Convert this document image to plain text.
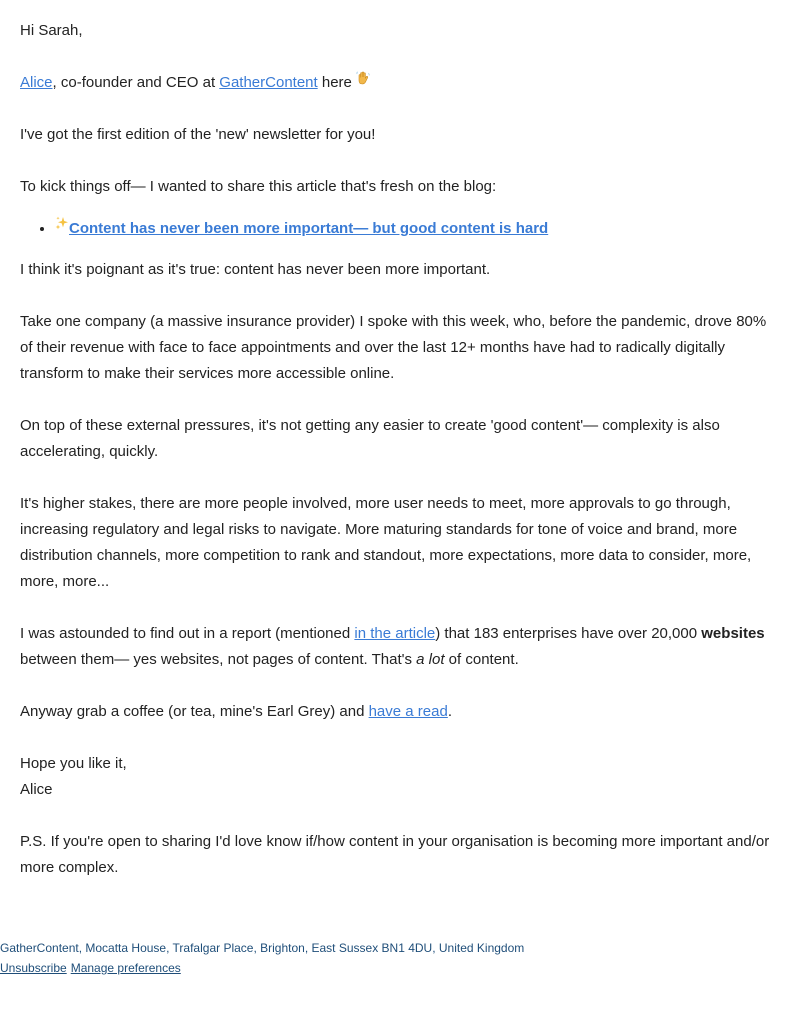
Hi Sarah,

Alice, co-founder and CEO at GatherContent here

I've got the first edition of the 'new' newsletter for you!

To kick things off— I wanted to share this article that's fresh on the blog:

• Content has never been more important— but good content is hard

I think it's poignant as it's true: content has never been more important.

Take one company (a massive insurance provider) I spoke with this week, who, before the pandemic, drove 80% of their revenue with face to face appointments and over the last 12+ months have had to radically digitally transform to make their services more accessible online.

On top of these external pressures, it's not getting any easier to create 'good content'— complexity is also accelerating, quickly.

It's higher stakes, there are more people involved, more user needs to meet, more approvals to go through, increasing regulatory and legal risks to navigate. More maturing standards for tone of voice and brand, more distribution channels, more competition to rank and standout, more expectations, more data to consider, more, more, more...

I was astounded to find out in a report (mentioned in the article) that 183 enterprises have over 20,000 websites between them— yes websites, not pages of content. That's a lot of content.

Anyway grab a coffee (or tea, mine's Earl Grey) and have a read.

Hope you like it,

Alice

P.S. If you're open to sharing I'd love know if/how content in your organisation is becoming more important and/or more complex.

GatherContent, Mocatta House, Trafalgar Place, Brighton, East Sussex BN1 4DU, United Kingdom
Unsubscribe Manage preferences
